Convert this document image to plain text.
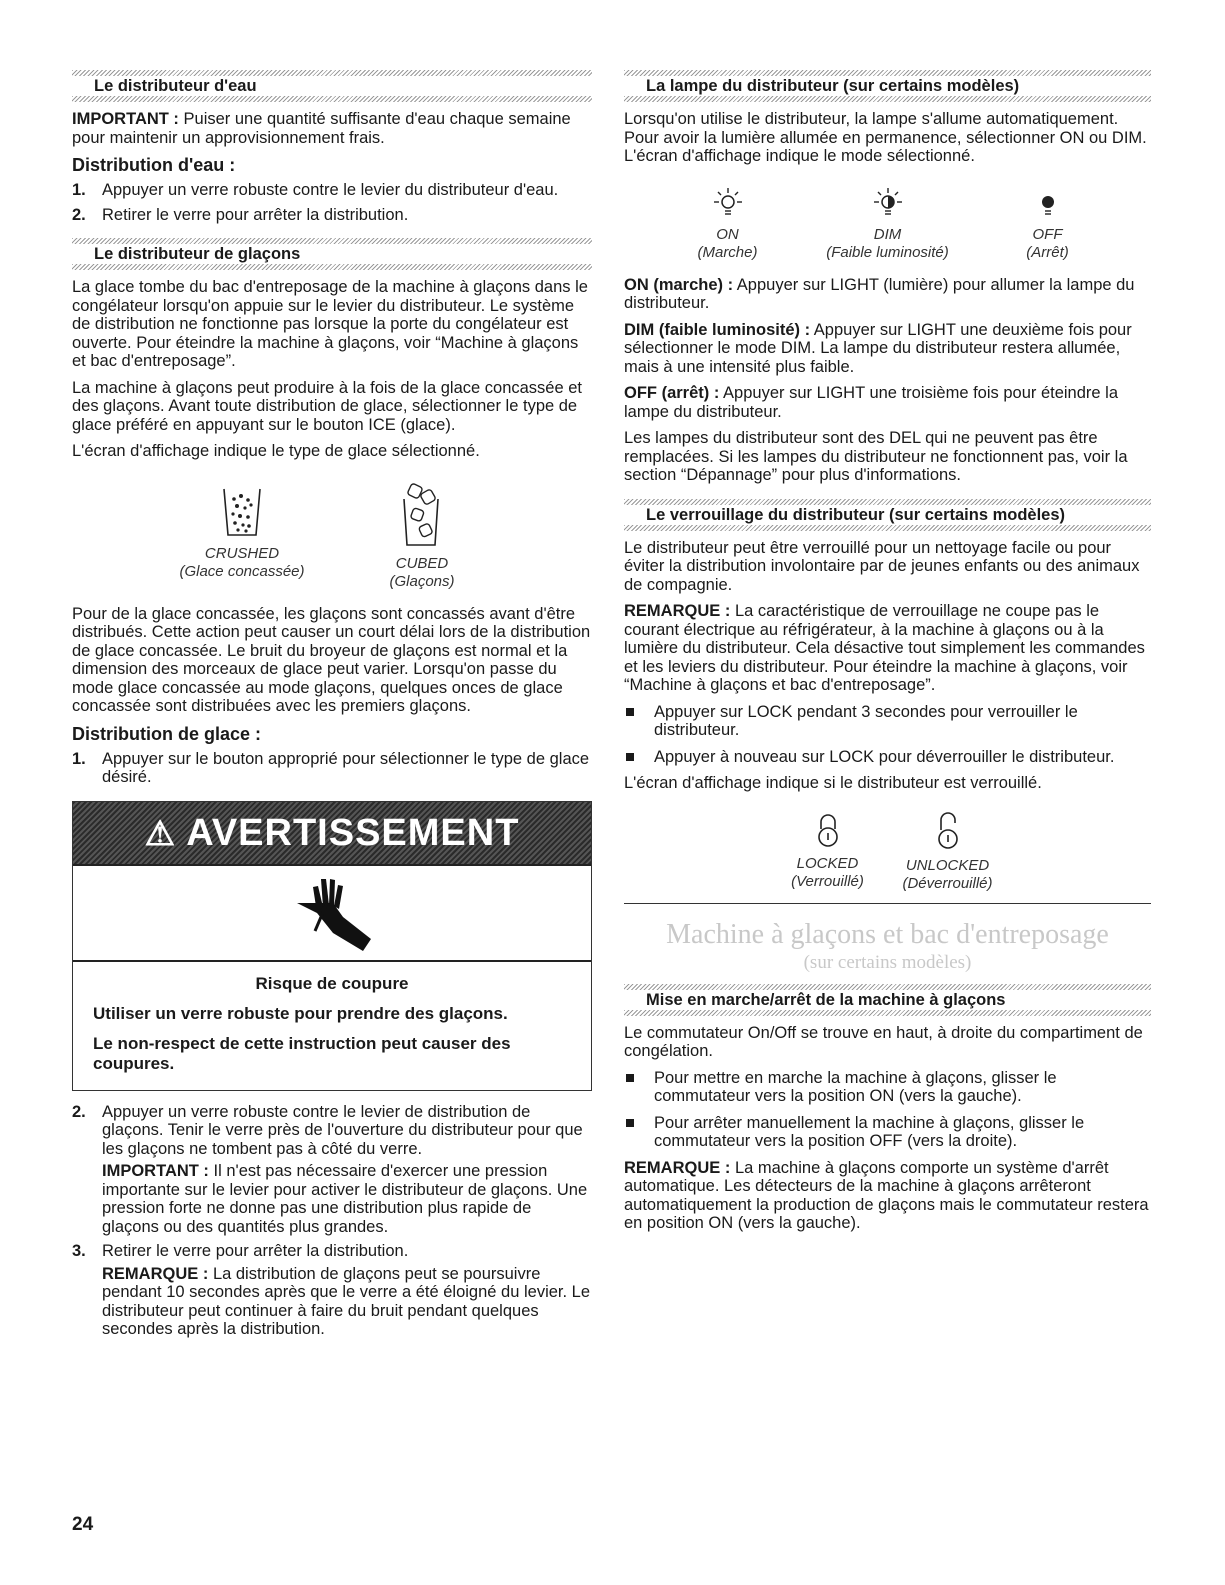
Le distributeur d'eau

IMPORTANT : Puiser une quantité suffisante d'eau chaque semaine pour maintenir un approvisionnement frais.

Distribution d'eau :
1. Appuyer un verre robuste contre le levier du distributeur d'eau.
2. Retirer le verre pour arrêter la distribution.
Le distributeur de glaçons

La glace tombe du bac d'entreposage de la machine à glaçons dans le congélateur lorsqu'on appuie sur le levier du distributeur. Le système de distribution ne fonctionne pas lorsque la porte du congélateur est ouverte. Pour éteindre la machine à glaçons, voir “Machine à glaçons et bac d'entreposage”.

La machine à glaçons peut produire à la fois de la glace concassée et des glaçons. Avant toute distribution de glace, sélectionner le type de glace préféré en appuyant sur le bouton ICE (glace).

L'écran d'affichage indique le type de glace sélectionné.

CRUSHED
(Glace concassée)	CUBED
(Glaçons)

Pour de la glace concassée, les glaçons sont concassés avant d'être distribués. Cette action peut causer un court délai lors de la distribution de glace concassée. Le bruit du broyeur de glaçons est normal et la dimension des morceaux de glace peut varier. Lorsqu'on passe du mode glace concassée au mode glaçons, quelques onces de glace concassée sont distribuées avec les premiers glaçons.

Distribution de glace :
1. Appuyer sur le bouton approprié pour sélectionner le type de glace désiré.
⚠ AVERTISSEMENT
Risque de coupure
Utiliser un verre robuste pour prendre des glaçons.
Le non-respect de cette instruction peut causer des coupures.
2. Appuyer un verre robuste contre le levier de distribution de glaçons. Tenir le verre près de l'ouverture du distributeur pour que les glaçons ne tombent pas à côté du verre.

IMPORTANT : Il n'est pas nécessaire d'exercer une pression importante sur le levier pour activer le distributeur de glaçons. Une pression forte ne donne pas une distribution plus rapide de glaçons ou des quantités plus grandes.

3. Retirer le verre pour arrêter la distribution.

REMARQUE : La distribution de glaçons peut se poursuivre pendant 10 secondes après que le verre a été éloigné du levier. Le distributeur peut continuer à faire du bruit pendant quelques secondes après la distribution.

La lampe du distributeur (sur certains modèles)

Lorsqu'on utilise le distributeur, la lampe s'allume automatiquement. Pour avoir la lumière allumée en permanence, sélectionner ON ou DIM. L'écran d'affichage indique le mode sélectionné.

ON
(Marche)
DIM
(Faible luminosité)
OFF
(Arrêt)

ON (marche) : Appuyer sur LIGHT (lumière) pour allumer la lampe du distributeur.

DIM (faible luminosité) : Appuyer sur LIGHT une deuxième fois pour sélectionner le mode DIM. La lampe du distributeur restera allumée, mais à une intensité plus faible.

OFF (arrêt) : Appuyer sur LIGHT une troisième fois pour éteindre la lampe du distributeur.

Les lampes du distributeur sont des DEL qui ne peuvent pas être remplacées. Si les lampes du distributeur ne fonctionnent pas, voir la section “Dépannage” pour plus d'informations.

Le verrouillage du distributeur (sur certains modèles)

Le distributeur peut être verrouillé pour un nettoyage facile ou pour éviter la distribution involontaire par de jeunes enfants ou des animaux de compagnie.

REMARQUE : La caractéristique de verrouillage ne coupe pas le courant électrique au réfrigérateur, à la machine à glaçons ou à la lumière du distributeur. Cela désactive tout simplement les commandes et les leviers du distributeur. Pour éteindre la machine à glaçons, voir “Machine à glaçons et bac d'entreposage”.

Appuyer sur LOCK pendant 3 secondes pour verrouiller le distributeur.
Appuyer à nouveau sur LOCK pour déverrouiller le distributeur.

L'écran d'affichage indique si le distributeur est verrouillé.

LOCKED
(Verrouillé)
UNLOCKED
(Déverrouillé)
Machine à glaçons et bac d'entreposage
(sur certains modèles)
Mise en marche/arrêt de la machine à glaçons

Le commutateur On/Off se trouve en haut, à droite du compartiment de congélation.

Pour mettre en marche la machine à glaçons, glisser le commutateur vers la position ON (vers la gauche).
Pour arrêter manuellement la machine à glaçons, glisser le commutateur vers la position OFF (vers la droite).

REMARQUE : La machine à glaçons comporte un système d'arrêt automatique. Les détecteurs de la machine à glaçons arrêteront automatiquement la production de glaçons mais le commutateur restera en position ON (vers la gauche).

24
